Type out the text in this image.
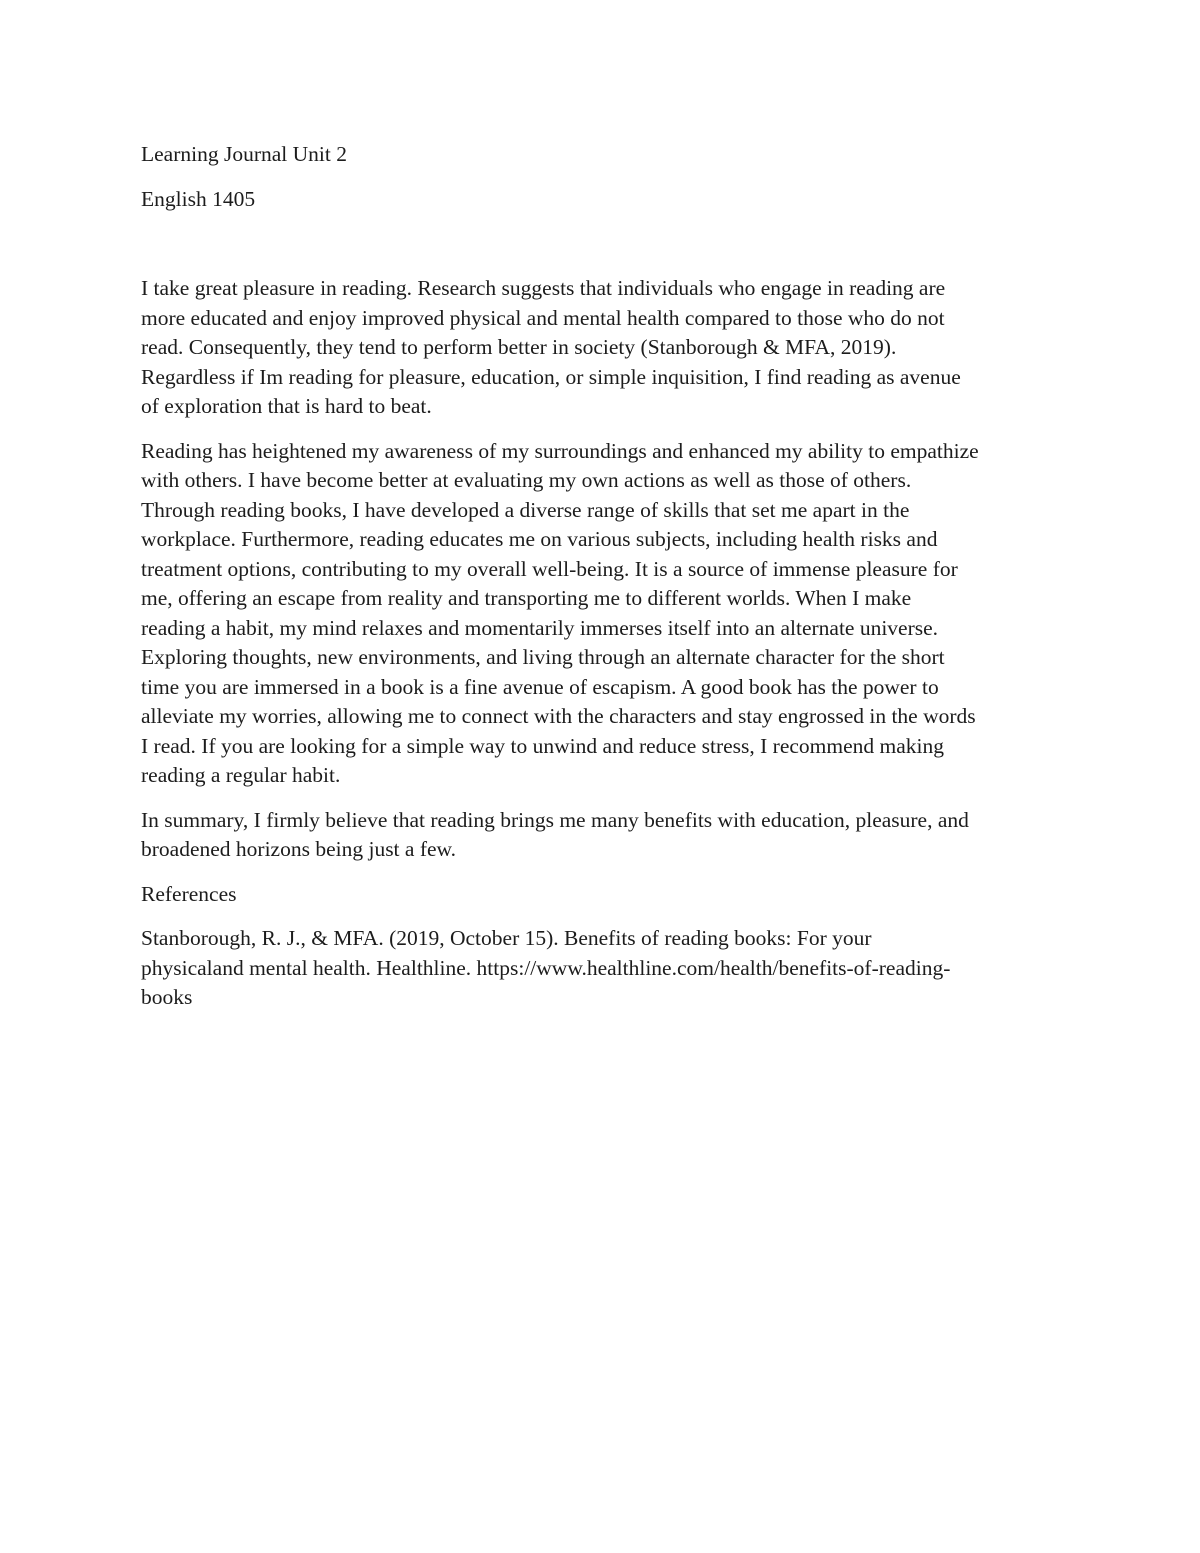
Learning Journal Unit 2

English 1405

I take great pleasure in reading. Research suggests that individuals who engage in reading are
more educated and enjoy improved physical and mental health compared to those who do not
read. Consequently, they tend to perform better in society (Stanborough & MFA, 2019).
Regardless if Im reading for pleasure, education, or simple inquisition, I find reading as avenue
of exploration that is hard to beat.
Reading has heightened my awareness of my surroundings and enhanced my ability to empathize
with others. I have become better at evaluating my own actions as well as those of others.
Through reading books, I have developed a diverse range of skills that set me apart in the
workplace. Furthermore, reading educates me on various subjects, including health risks and
treatment options, contributing to my overall well-being. It is a source of immense pleasure for
me, offering an escape from reality and transporting me to different worlds. When I make
reading a habit, my mind relaxes and momentarily immerses itself into an alternate universe.
Exploring thoughts, new environments, and living through an alternate character for the short
time you are immersed in a book is a fine avenue of escapism. A good book has the power to
alleviate my worries, allowing me to connect with the characters and stay engrossed in the words
I read. If you are looking for a simple way to unwind and reduce stress, I recommend making
reading a regular habit.
In summary, I firmly believe that reading brings me many benefits with education, pleasure, and
broadened horizons being just a few.

References

Stanborough, R. J., & MFA. (2019, October 15). Benefits of reading books: For your
physicaland mental health. Healthline. https://www.healthline.com/health/benefits-of-reading-
books
